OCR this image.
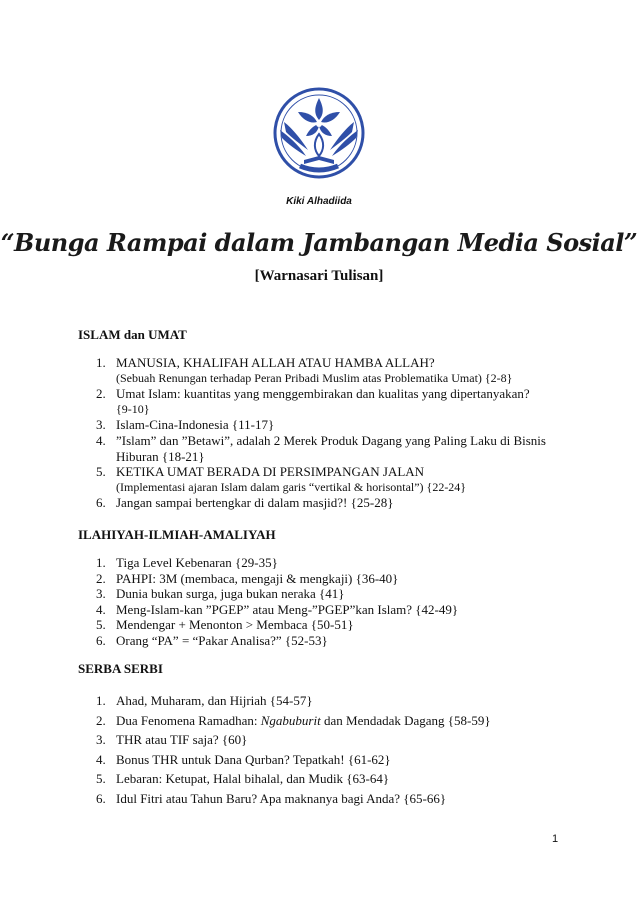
Kiki Alhadiida
“Bunga Rampai dalam Jambangan Media Sosial”
[Warnasari Tulisan]
ISLAM dan UMAT
1. MANUSIA, KHALIFAH ALLAH ATAU HAMBA ALLAH?
(Sebuah Renungan terhadap Peran Pribadi Muslim atas Problematika Umat) {2-8}
2. Umat Islam: kuantitas yang menggembirakan dan kualitas yang dipertanyakan?
{9-10}
3. Islam-Cina-Indonesia {11-17}
4. ”Islam” dan ”Betawi”, adalah 2 Merek Produk Dagang yang Paling Laku di Bisnis
Hiburan {18-21}
5. KETIKA UMAT BERADA DI PERSIMPANGAN JALAN
(Implementasi ajaran Islam dalam garis “vertikal & horisontal”) {22-24}
6. Jangan sampai bertengkar di dalam masjid?! {25-28}
ILAHIYAH-ILMIAH-AMALIYAH
1. Tiga Level Kebenaran {29-35}
2. PAHPI: 3M (membaca, mengaji & mengkaji) {36-40}
3. Dunia bukan surga, juga bukan neraka {41}
4. Meng-Islam-kan ”PGEP” atau Meng-”PGEP”kan Islam? {42-49}
5. Mendengar + Menonton > Membaca {50-51}
6. Orang “PA” = “Pakar Analisa?” {52-53}
SERBA SERBI
1. Ahad, Muharam, dan Hijriah {54-57}
2. Dua Fenomena Ramadhan: Ngabuburit dan Mendadak Dagang {58-59}
3. THR atau TIF saja? {60}
4. Bonus THR untuk Dana Qurban? Tepatkah! {61-62}
5. Lebaran: Ketupat, Halal bihalal, dan Mudik {63-64}
6. Idul Fitri atau Tahun Baru? Apa maknanya bagi Anda? {65-66}
1
